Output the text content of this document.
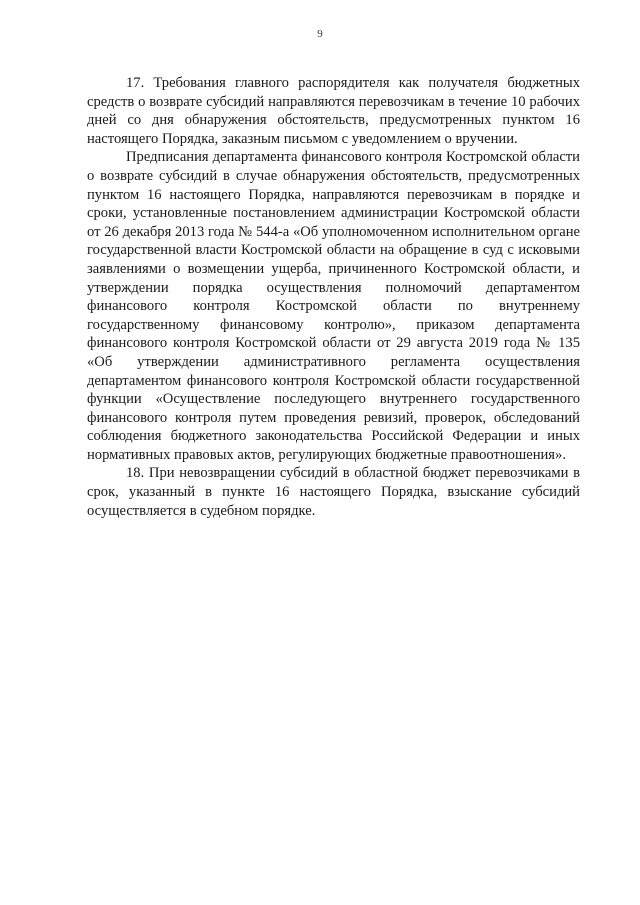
9

17. Требования главного распорядителя как получателя бюджетных средств о возврате субсидий направляются перевозчикам в течение 10 рабочих дней со дня обнаружения обстоятельств, предусмотренных пунктом 16 настоящего Порядка, заказным письмом с уведомлением о вручении.

Предписания департамента финансового контроля Костромской области о возврате субсидий в случае обнаружения обстоятельств, предусмотренных пунктом 16 настоящего Порядка, направляются перевозчикам в порядке и сроки, установленные постановлением администрации Костромской области от 26 декабря 2013 года № 544-а «Об уполномоченном исполнительном органе государственной власти Костромской области на обращение в суд с исковыми заявлениями о возмещении ущерба, причиненного Костромской области, и утверждении порядка осуществления полномочий департаментом финансового контроля Костромской области по внутреннему государственному финансовому контролю», приказом департамента финансового контроля Костромской области от 29 августа 2019 года № 135 «Об утверждении административного регламента осуществления департаментом финансового контроля Костромской области государственной функции «Осуществление последующего внутреннего государственного финансового контроля путем проведения ревизий, проверок, обследований соблюдения бюджетного законодательства Российской Федерации и иных нормативных правовых актов, регулирующих бюджетные правоотношения».

18. При невозвращении субсидий в областной бюджет перевозчиками в срок, указанный в пункте 16 настоящего Порядка, взыскание субсидий осуществляется в судебном порядке.
